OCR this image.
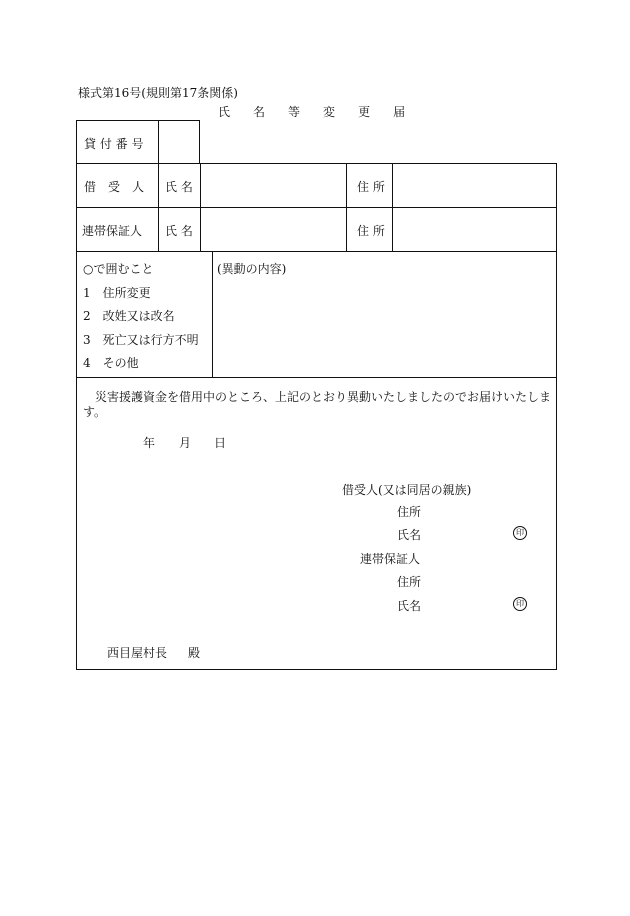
様式第16号(規則第17条関係)
氏 名 等 変 更 届
貸 付 番 号
借　受　人 氏 名	住 所
連帯保証人 氏 名	住 所
○で囲むこと
1　住所変更
2　改姓又は改名
3　死亡又は行方不明
4　その他
(異動の内容)
災害援護資金を借用中のところ、上記のとおり異動いたしましたのでお届けいたしま
す。
年 月 日
借受人(又は同居の親族)
住所
氏名	印
連帯保証人
住所
氏名	印
西目屋村長 殿
